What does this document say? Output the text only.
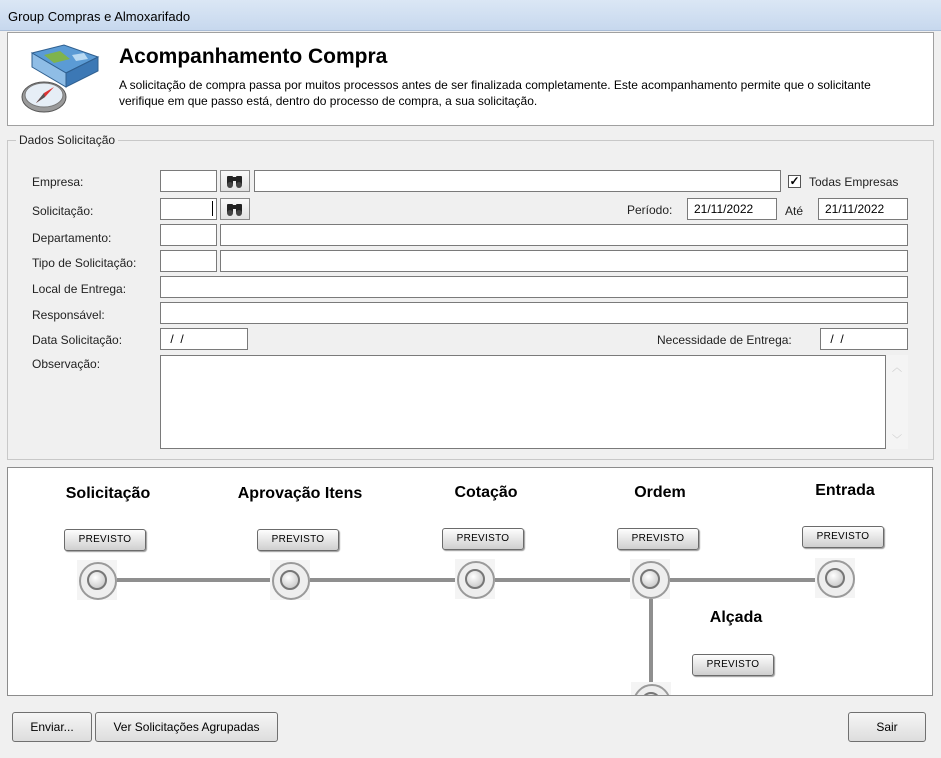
Group Compras e Almoxarifado
Acompanhamento Compra
A solicitação de compra passa por muitos processos antes de ser finalizada completamente. Este acompanhamento permite que o solicitante verifique em que passo está, dentro do processo de compra, a sua solicitação.
Dados Solicitação
Empresa:	✓ Todas Empresas
Solicitação:	Período:	21/11/2022	Até	21/11/2022
Departamento:
Tipo de Solicitação:
Local de Entrega:
Responsável:
Data Solicitação:	/  /	Necessidade de Entrega:	/  /
Observação:	︿
﹀
Solicitação
PREVISTO
Aprovação Itens
PREVISTO
Cotação
PREVISTO
Ordem
PREVISTO
Entrada
PREVISTO
Alçada
PREVISTO
Enviar...	Ver Solicitações Agrupadas	Sair
